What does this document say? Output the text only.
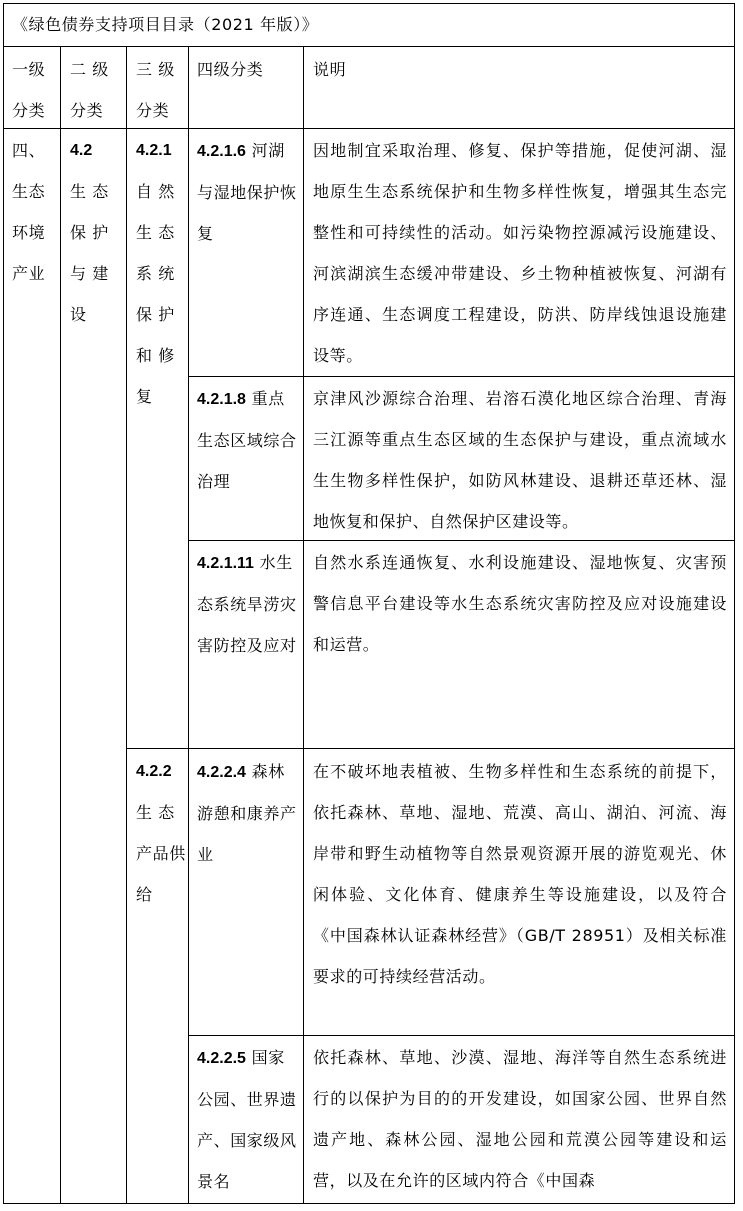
《绿色债券支持项目目录（2021 年版）》
一级分类
二 级
分类
三 级
分类
四级分类	说明
四、生态环境产业
4.2
生 态保 护与 建设
4.2.1
自 然生 态系 统保 护和 修复
4.2.2
生 态产品供给
4.2.1.6 河湖与湿地保护恢复
因地制宜采取治理、修复、保护等措施，促使河湖、湿地原生生态系统保护和生物多样性恢复，增强其生态完整性和可持续性的活动。如污染物控源减污设施建设、河滨湖滨生态缓冲带建设、乡土物种植被恢复、河湖有序连通、生态调度工程建设，防洪、防岸线蚀退设施建设等。
4.2.1.8 重点生态区域综合治理
京津风沙源综合治理、岩溶石漠化地区综合治理、青海三江源等重点生态区域的生态保护与建设，重点流域水生生物多样性保护，如防风林建设、退耕还草还林、湿地恢复和保护、自然保护区建设等。
4.2.1.11 水生态系统旱涝灾害防控及应对
自然水系连通恢复、水利设施建设、湿地恢复、灾害预警信息平台建设等水生态系统灾害防控及应对设施建设和运营。
4.2.2.4 森林游憩和康养产业
在不破坏地表植被、生物多样性和生态系统的前提下，依托森林、草地、湿地、荒漠、高山、湖泊、河流、海岸带和野生动植物等自然景观资源开展的游览观光、休闲体验、文化体育、健康养生等设施建设，以及符合《中国森林认证森林经营》（GB/T 28951）及相关标准要求的可持续经营活动。
4.2.2.5 国家公园、世界遗产、国家级风景名
依托森林、草地、沙漠、湿地、海洋等自然生态系统进行的以保护为目的的开发建设，如国家公园、世界自然遗产地、森林公园、湿地公园和荒漠公园等建设和运营，以及在允许的区域内符合《中国森
